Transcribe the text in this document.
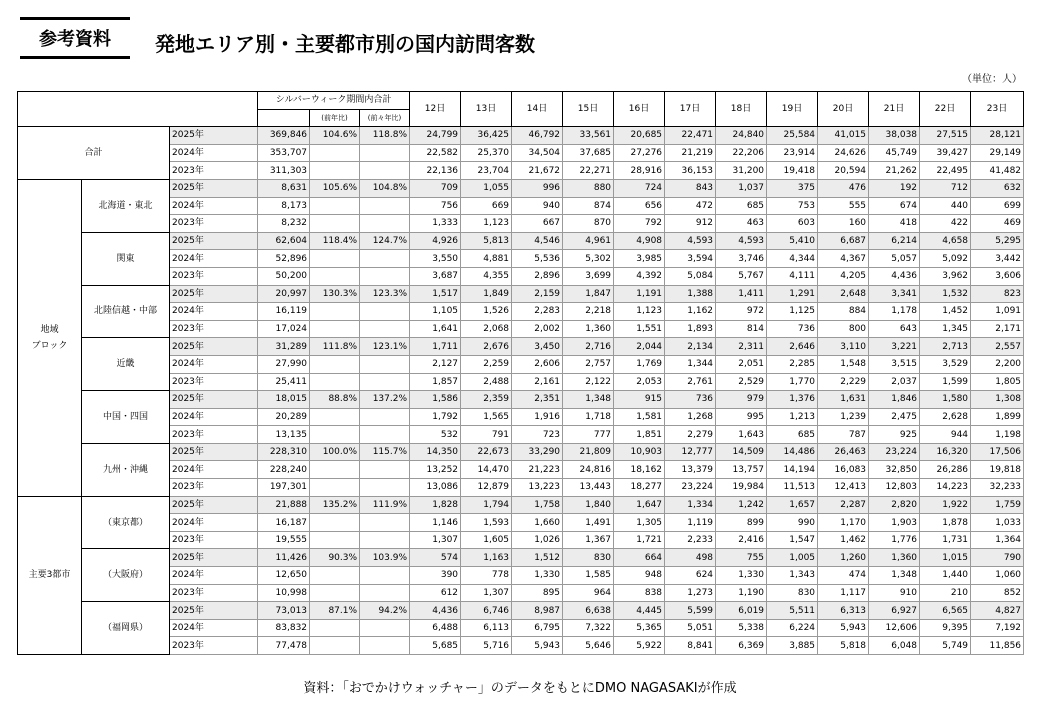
参考資料 発地エリア別・主要都市別の国内訪問客数
（単位：人）
			シルバーウィーク期間内合計			12日	13日	14日	15日	16日	17日	18日	19日	20日	21日	22日	23日
				(前年比)	(前々年比)												
合計		2025年	369,846	104.6%	118.8%	24,799	36,425	46,792	33,561	20,685	22,471	24,840	25,584	41,015	38,038	27,515	28,121
		2024年	353,707			22,582	25,370	34,504	37,685	27,276	21,219	22,206	23,914	24,626	45,749	39,427	29,149
		2023年	311,303			22,136	23,704	21,672	22,271	28,916	36,153	31,200	19,418	20,594	21,262	22,495	41,482
地域
ブロック	北海道・東北	2025年	8,631	105.6%	104.8%	709	1,055	996	880	724	843	1,037	375	476	192	712	632
		2024年	8,173			756	669	940	874	656	472	685	753	555	674	440	699
		2023年	8,232			1,333	1,123	667	870	792	912	463	603	160	418	422	469
	関東	2025年	62,604	118.4%	124.7%	4,926	5,813	4,546	4,961	4,908	4,593	4,593	5,410	6,687	6,214	4,658	5,295
		2024年	52,896			3,550	4,881	5,536	5,302	3,985	3,594	3,746	4,344	4,367	5,057	5,092	3,442
		2023年	50,200			3,687	4,355	2,896	3,699	4,392	5,084	5,767	4,111	4,205	4,436	3,962	3,606
	北陸信越・中部	2025年	20,997	130.3%	123.3%	1,517	1,849	2,159	1,847	1,191	1,388	1,411	1,291	2,648	3,341	1,532	823
		2024年	16,119			1,105	1,526	2,283	2,218	1,123	1,162	972	1,125	884	1,178	1,452	1,091
		2023年	17,024			1,641	2,068	2,002	1,360	1,551	1,893	814	736	800	643	1,345	2,171
	近畿	2025年	31,289	111.8%	123.1%	1,711	2,676	3,450	2,716	2,044	2,134	2,311	2,646	3,110	3,221	2,713	2,557
		2024年	27,990			2,127	2,259	2,606	2,757	1,769	1,344	2,051	2,285	1,548	3,515	3,529	2,200
		2023年	25,411			1,857	2,488	2,161	2,122	2,053	2,761	2,529	1,770	2,229	2,037	1,599	1,805
	中国・四国	2025年	18,015	88.8%	137.2%	1,586	2,359	2,351	1,348	915	736	979	1,376	1,631	1,846	1,580	1,308
		2024年	20,289			1,792	1,565	1,916	1,718	1,581	1,268	995	1,213	1,239	2,475	2,628	1,899
		2023年	13,135			532	791	723	777	1,851	2,279	1,643	685	787	925	944	1,198
	九州・沖縄	2025年	228,310	100.0%	115.7%	14,350	22,673	33,290	21,809	10,903	12,777	14,509	14,486	26,463	23,224	16,320	17,506
		2024年	228,240			13,252	14,470	21,223	24,816	18,162	13,379	13,757	14,194	16,083	32,850	26,286	19,818
		2023年	197,301			13,086	12,879	13,223	13,443	18,277	23,224	19,984	11,513	12,413	12,803	14,223	32,233
主要3都市	（東京都）	2025年	21,888	135.2%	111.9%	1,828	1,794	1,758	1,840	1,647	1,334	1,242	1,657	2,287	2,820	1,922	1,759
		2024年	16,187			1,146	1,593	1,660	1,491	1,305	1,119	899	990	1,170	1,903	1,878	1,033
		2023年	19,555			1,307	1,605	1,026	1,367	1,721	2,233	2,416	1,547	1,462	1,776	1,731	1,364
	（大阪府）	2025年	11,426	90.3%	103.9%	574	1,163	1,512	830	664	498	755	1,005	1,260	1,360	1,015	790
		2024年	12,650			390	778	1,330	1,585	948	624	1,330	1,343	474	1,348	1,440	1,060
		2023年	10,998			612	1,307	895	964	838	1,273	1,190	830	1,117	910	210	852
	（福岡県）	2025年	73,013	87.1%	94.2%	4,436	6,746	8,987	6,638	4,445	5,599	6,019	5,511	6,313	6,927	6,565	4,827
		2024年	83,832			6,488	6,113	6,795	7,322	5,365	5,051	5,338	6,224	5,943	12,606	9,395	7,192
		2023年	77,478			5,685	5,716	5,943	5,646	5,922	8,841	6,369	3,885	5,818	6,048	5,749	11,856
資料：「おでかけウォッチャー」のデータをもとにDMO NAGASAKIが作成
